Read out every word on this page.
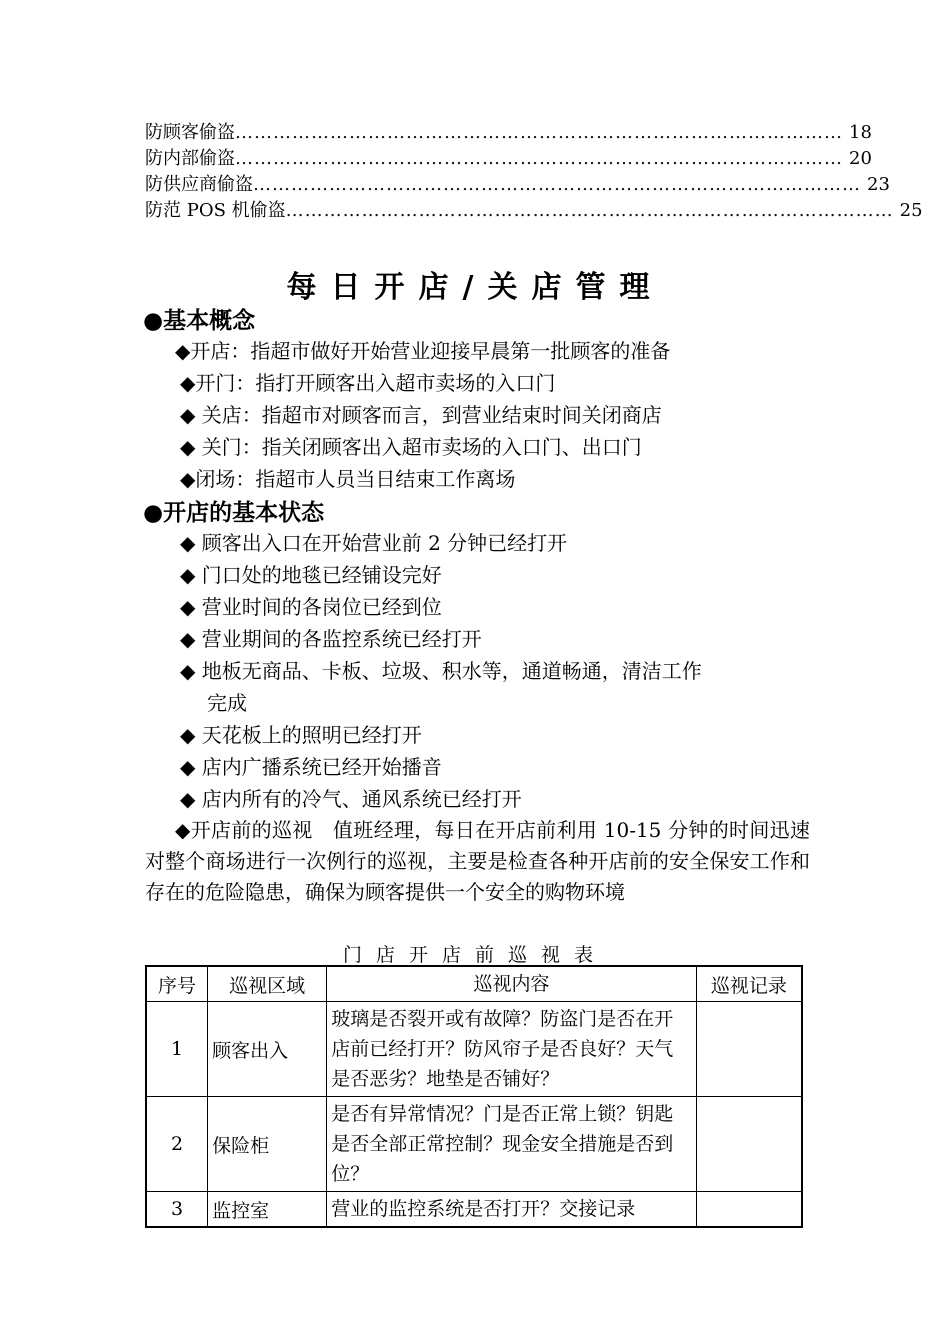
防顾客偷盗 …………………………………………………………………………………… 18
防内部偷盗 …………………………………………………………………………………… 20
防供应商偷盗 …………………………………………………………………………………… 23
防范 POS 机偷盗 …………………………………………………………………………………… 25
每日开店/关店管理
●基本概念
◆开店：指超市做好开始营业迎接早晨第一批顾客的准备
◆开门：指打开顾客出入超市卖场的入口门
◆ 关店：指超市对顾客而言，到营业结束时间关闭商店
◆ 关门：指关闭顾客出入超市卖场的入口门、出口门
◆闭场：指超市人员当日结束工作离场
●开店的基本状态
◆ 顾客出入口在开始营业前 2 分钟已经打开
◆ 门口处的地毯已经铺设完好
◆ 营业时间的各岗位已经到位
◆ 营业期间的各监控系统已经打开
◆ 地板无商品、卡板、垃圾、积水等，通道畅通，清洁工作
完成
◆ 天花板上的照明已经打开
◆ 店内广播系统已经开始播音
◆ 店内所有的冷气、通风系统已经打开
◆开店前的巡视　值班经理，每日在开店前利用 10-15 分钟的时间迅速对整个商场进行一次例行的巡视，主要是检查各种开店前的安全保安工作和存在的危险隐患，确保为顾客提供一个安全的购物环境
门店开店前巡视表
序号	巡视区域	巡视内容	巡视记录
1	顾客出入	玻璃是否裂开或有故障？防盗门是否在开店前已经打开？防风帘子是否良好？天气是否恶劣？地垫是否铺好？	
2	保险柜	是否有异常情况？门是否正常上锁？钥匙是否全部正常控制？现金安全措施是否到位？	
3	监控室	营业的监控系统是否打开？交接记录	
